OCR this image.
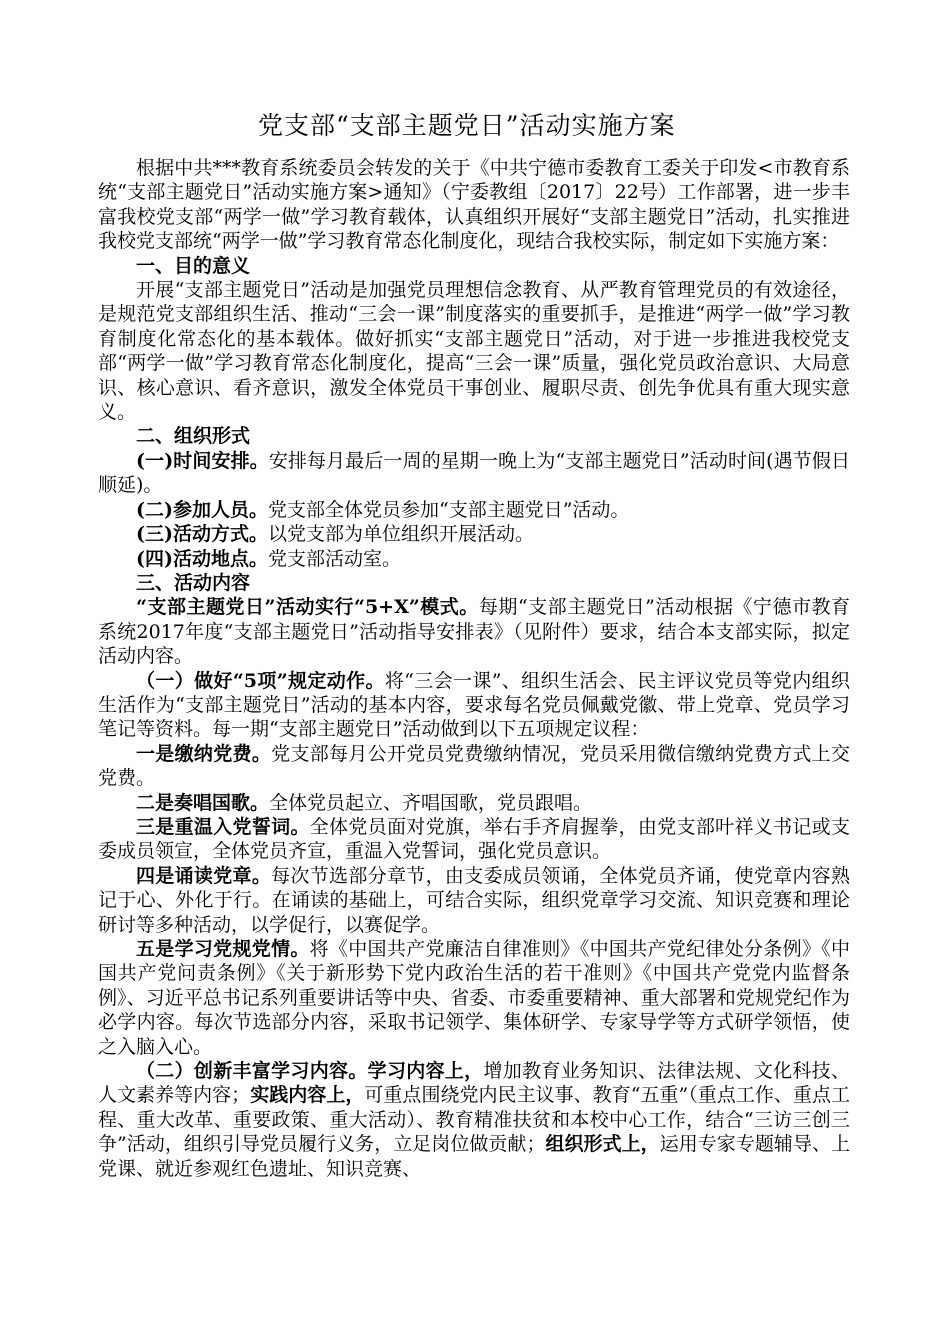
党支部“支部主题党日”活动实施方案

根据中共***教育系统委员会转发的关于《中共宁德市委教育工委关于印发<市教育系统“支部主题党日”活动实施方案>通知》（宁委教组〔2017〕22号）工作部署，进一步丰富我校党支部“两学一做”学习教育载体，认真组织开展好“支部主题党日”活动，扎实推进我校党支部统“两学一做”学习教育常态化制度化，现结合我校实际，制定如下实施方案：

一、目的意义

开展“支部主题党日”活动是加强党员理想信念教育、从严教育管理党员的有效途径，是规范党支部组织生活、推动“三会一课”制度落实的重要抓手，是推进“两学一做”学习教育制度化常态化的基本载体。做好抓实“支部主题党日”活动，对于进一步推进我校党支部“两学一做”学习教育常态化制度化，提高“三会一课”质量，强化党员政治意识、大局意识、核心意识、看齐意识，激发全体党员干事创业、履职尽责、创先争优具有重大现实意义。

二、组织形式

(一)时间安排。安排每月最后一周的星期一晚上为“支部主题党日”活动时间(遇节假日顺延)。

(二)参加人员。党支部全体党员参加“支部主题党日”活动。

(三)活动方式。以党支部为单位组织开展活动。

(四)活动地点。党支部活动室。

三、活动内容

“支部主题党日”活动实行“5+X”模式。每期“支部主题党日”活动根据《宁德市教育系统2017年度“支部主题党日”活动指导安排表》（见附件）要求，结合本支部实际，拟定活动内容。

（一）做好“5项”规定动作。将“三会一课”、组织生活会、民主评议党员等党内组织生活作为“支部主题党日”活动的基本内容，要求每名党员佩戴党徽、带上党章、党员学习笔记等资料。每一期“支部主题党日”活动做到以下五项规定议程：

一是缴纳党费。党支部每月公开党员党费缴纳情况，党员采用微信缴纳党费方式上交党费。

二是奏唱国歌。全体党员起立、齐唱国歌，党员跟唱。

三是重温入党誓词。全体党员面对党旗，举右手齐肩握拳，由党支部叶祥义书记或支委成员领宣，全体党员齐宣，重温入党誓词，强化党员意识。

四是诵读党章。每次节选部分章节，由支委成员领诵，全体党员齐诵，使党章内容熟记于心、外化于行。在诵读的基础上，可结合实际，组织党章学习交流、知识竞赛和理论研讨等多种活动，以学促行，以赛促学。

五是学习党规党情。将《中国共产党廉洁自律准则》《中国共产党纪律处分条例》《中国共产党问责条例》《关于新形势下党内政治生活的若干准则》《中国共产党党内监督条例》、习近平总书记系列重要讲话等中央、省委、市委重要精神、重大部署和党规党纪作为必学内容。每次节选部分内容，采取书记领学、集体研学、专家导学等方式研学领悟，使之入脑入心。

（二）创新丰富学习内容。学习内容上，增加教育业务知识、法律法规、文化科技、人文素养等内容；实践内容上，可重点围绕党内民主议事、教育“五重”（重点工作、重点工程、重大改革、重要政策、重大活动）、教育精准扶贫和本校中心工作，结合“三访三创三争”活动，组织引导党员履行义务，立足岗位做贡献；组织形式上，运用专家专题辅导、上党课、就近参观红色遗址、知识竞赛、
